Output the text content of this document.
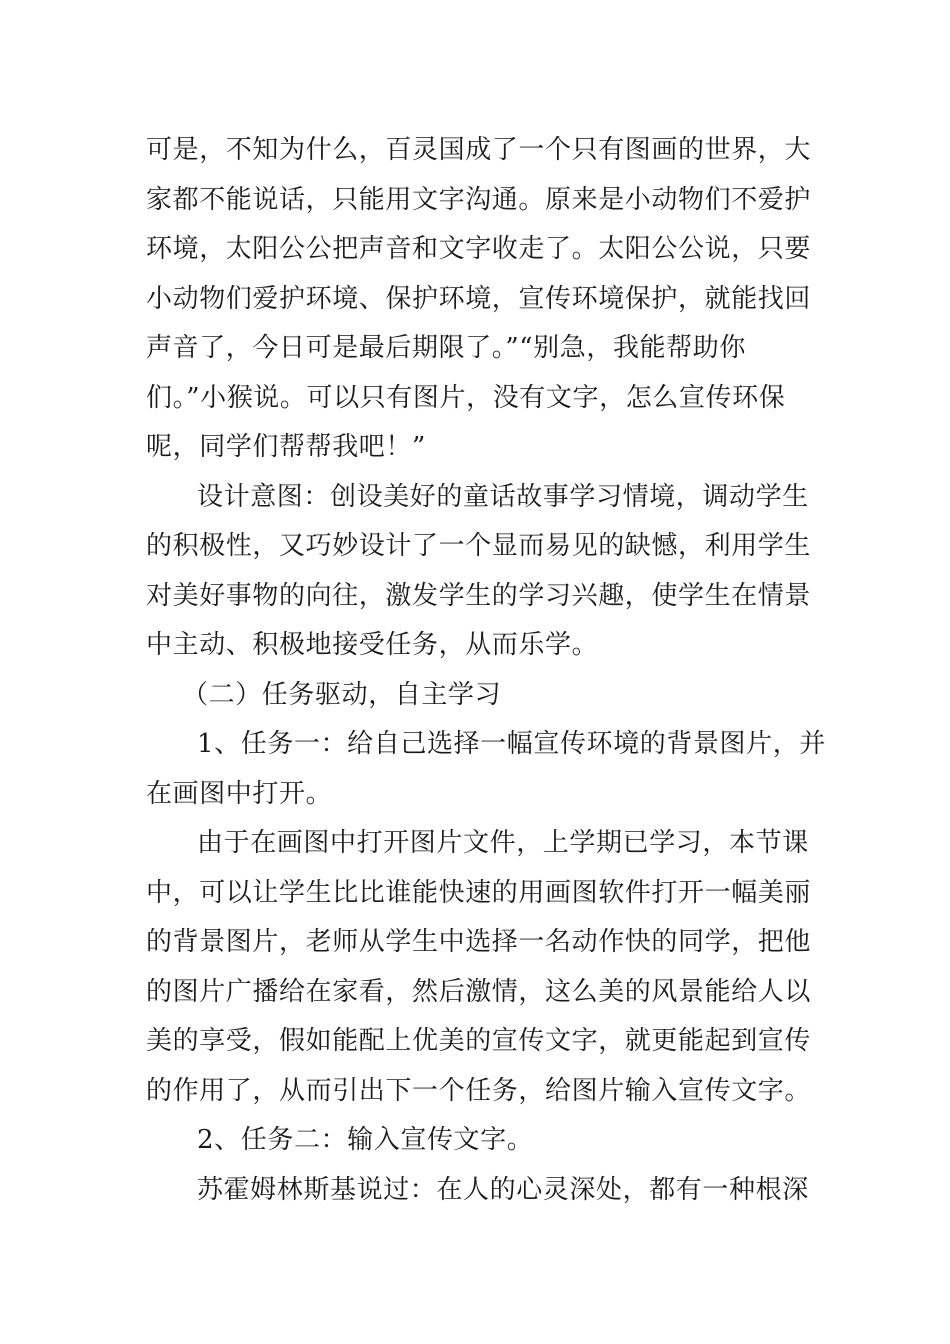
可是，不知为什么，百灵国成了一个只有图画的世界，大
家都不能说话，只能用文字沟通。原来是小动物们不爱护
环境，太阳公公把声音和文字收走了。太阳公公说，只要
小动物们爱护环境、保护环境，宣传环境保护，就能找回
声音了，今日可是最后期限了。”“别急，我能帮助你
们。”小猴说。可以只有图片，没有文字，怎么宣传环保
呢，同学们帮帮我吧！”
设计意图：创设美好的童话故事学习情境，调动学生
的积极性，又巧妙设计了一个显而易见的缺憾，利用学生
对美好事物的向往，激发学生的学习兴趣，使学生在情景
中主动、积极地接受任务，从而乐学。
（二）任务驱动，自主学习
1、任务一：给自己选择一幅宣传环境的背景图片，并
在画图中打开。
由于在画图中打开图片文件，上学期已学习，本节课
中，可以让学生比比谁能快速的用画图软件打开一幅美丽
的背景图片，老师从学生中选择一名动作快的同学，把他
的图片广播给在家看，然后激情，这么美的风景能给人以
美的享受，假如能配上优美的宣传文字，就更能起到宣传
的作用了，从而引出下一个任务，给图片输入宣传文字。
2、任务二：输入宣传文字。
苏霍姆林斯基说过：在人的心灵深处，都有一种根深
